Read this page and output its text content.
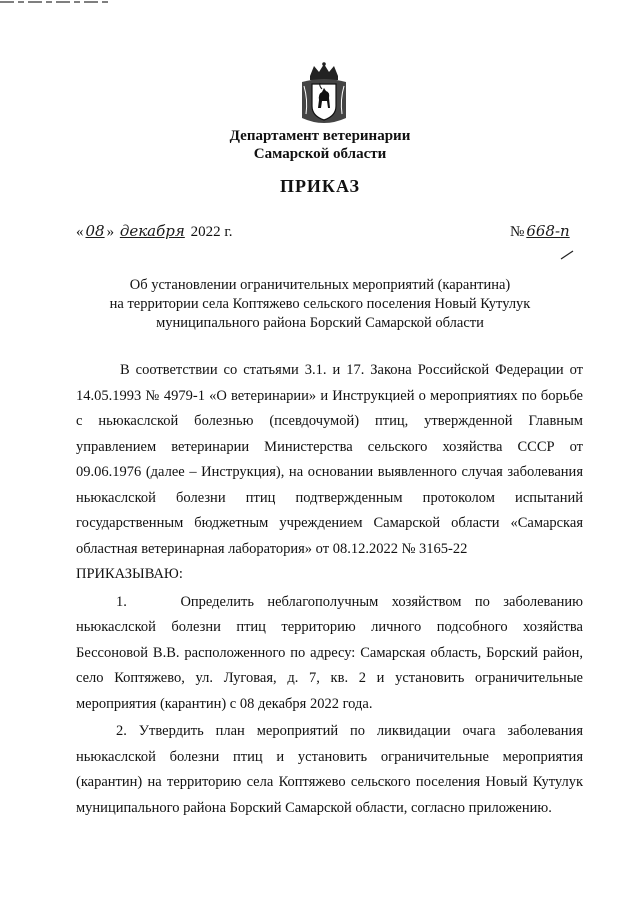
Департамент ветеринарии
Самарской области
ПРИКАЗ
« 08 » декабря 2022 г.	№ 668-п
Об установлении ограничительных мероприятий (карантина)
на территории села Коптяжево сельского поселения Новый Кутулук
муниципального района Борский Самарской области

В соответствии со статьями 3.1. и 17. Закона Российской Федерации от 14.05.1993 № 4979-1 «О ветеринарии» и Инструкцией о мероприятиях по борьбе с ньюкаслской болезнью (псевдочумой) птиц, утвержденной Главным управлением ветеринарии Министерства сельского хозяйства СССР от 09.06.1976 (далее – Инструкция), на основании выявленного случая заболевания ньюкаслской болезни птиц подтвержденным протоколом испытаний государственным бюджетным учреждением Самарской области «Самарская областная ветеринарная лаборатория» от 08.12.2022 № 3165-22

ПРИКАЗЫВАЮ:

1.    Определить неблагополучным хозяйством по заболеванию ньюкаслской болезни птиц территорию личного подсобного хозяйства Бессоновой В.В. расположенного по адресу: Самарская область, Борский район, село Коптяжево, ул. Луговая, д. 7, кв. 2 и установить ограничительные мероприятия (карантин) с 08 декабря 2022 года.

2. Утвердить план мероприятий по ликвидации очага заболевания ньюкаслской болезни птиц и установить ограничительные мероприятия (карантин) на территорию села Коптяжево сельского поселения Новый Кутулук муниципального района Борский Самарской области, согласно приложению.
